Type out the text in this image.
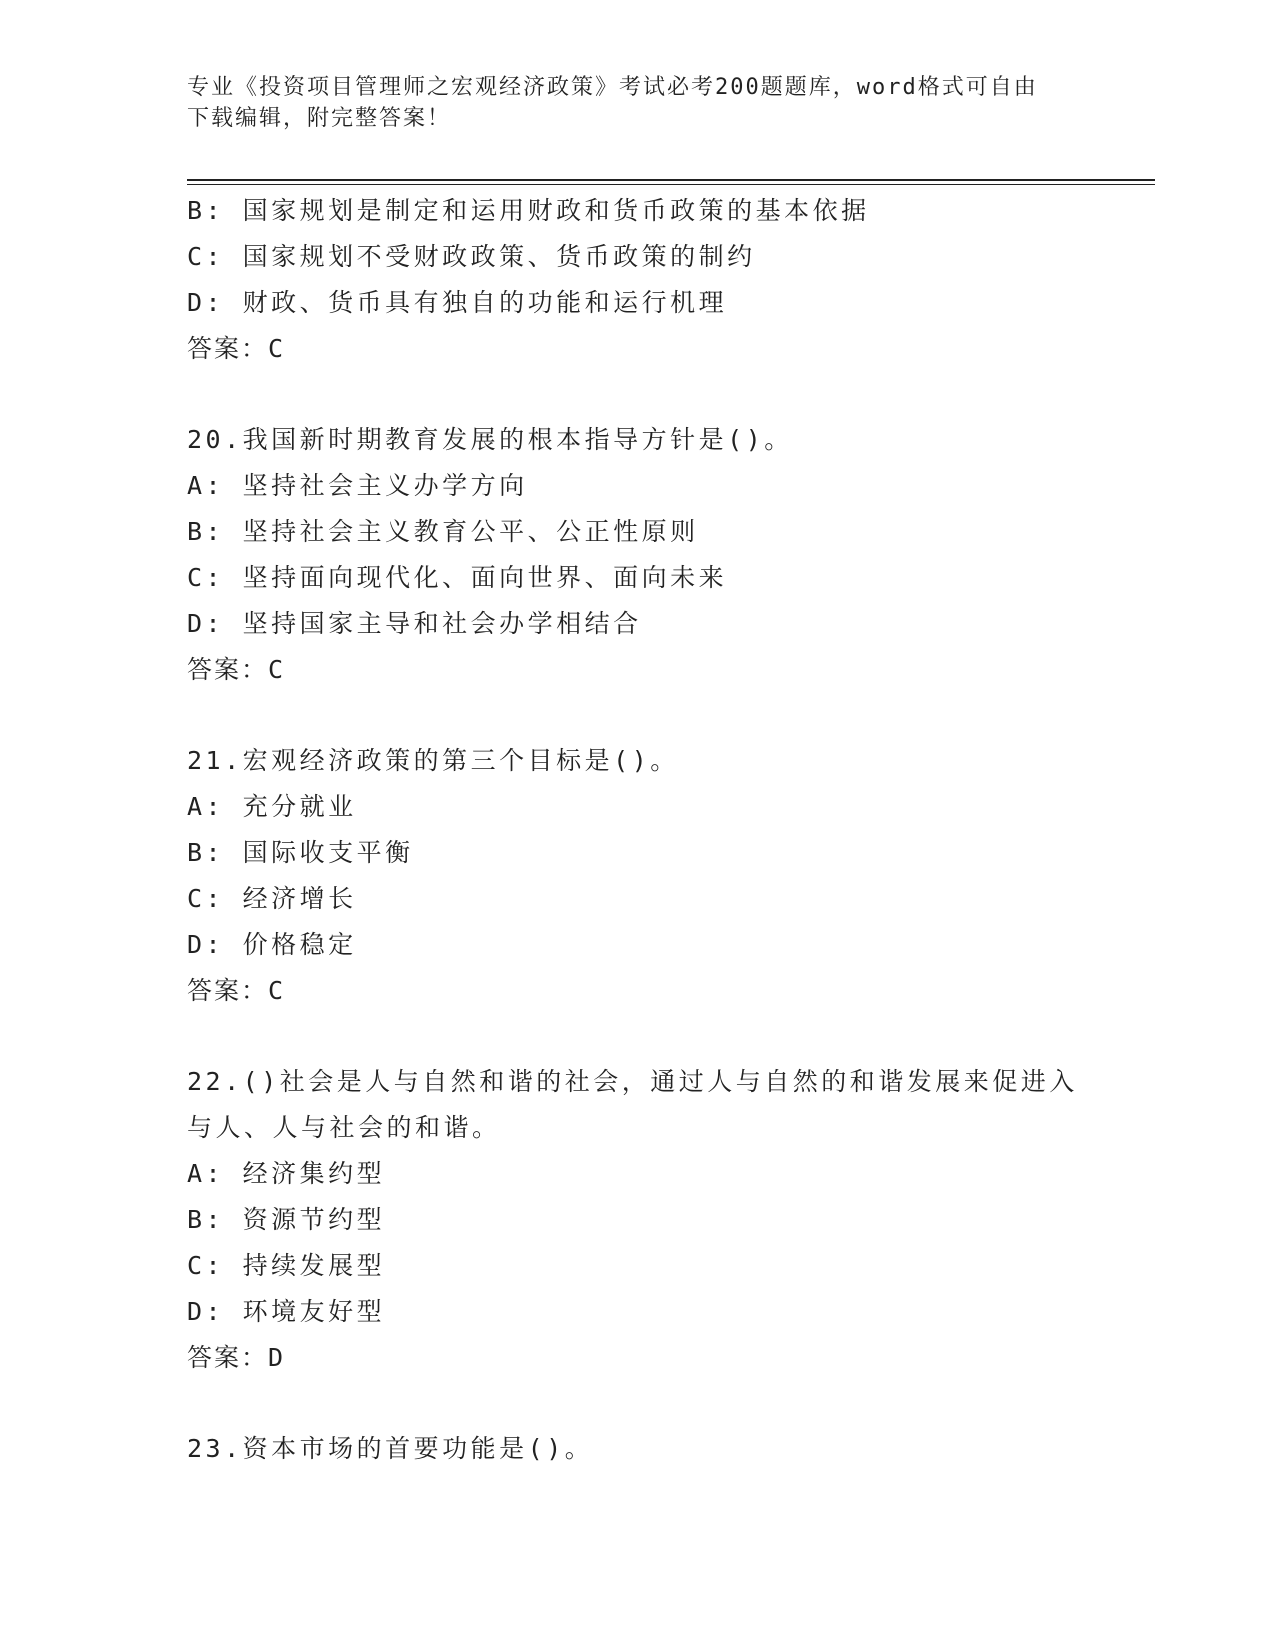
专业《投资项目管理师之宏观经济政策》考试必考200题题库，word格式可自由
下载编辑，附完整答案！
B: 国家规划是制定和运用财政和货币政策的基本依据
C: 国家规划不受财政政策、货币政策的制约
D: 财政、货币具有独自的功能和运行机理
答案：C
20.我国新时期教育发展的根本指导方针是()。
A: 坚持社会主义办学方向
B: 坚持社会主义教育公平、公正性原则
C: 坚持面向现代化、面向世界、面向未来
D: 坚持国家主导和社会办学相结合
答案：C
21.宏观经济政策的第三个目标是()。
A: 充分就业
B: 国际收支平衡
C: 经济增长
D: 价格稳定
答案：C
22.()社会是人与自然和谐的社会，通过人与自然的和谐发展来促进入
与人、人与社会的和谐。
A: 经济集约型
B: 资源节约型
C: 持续发展型
D: 环境友好型
答案：D
23.资本市场的首要功能是()。
